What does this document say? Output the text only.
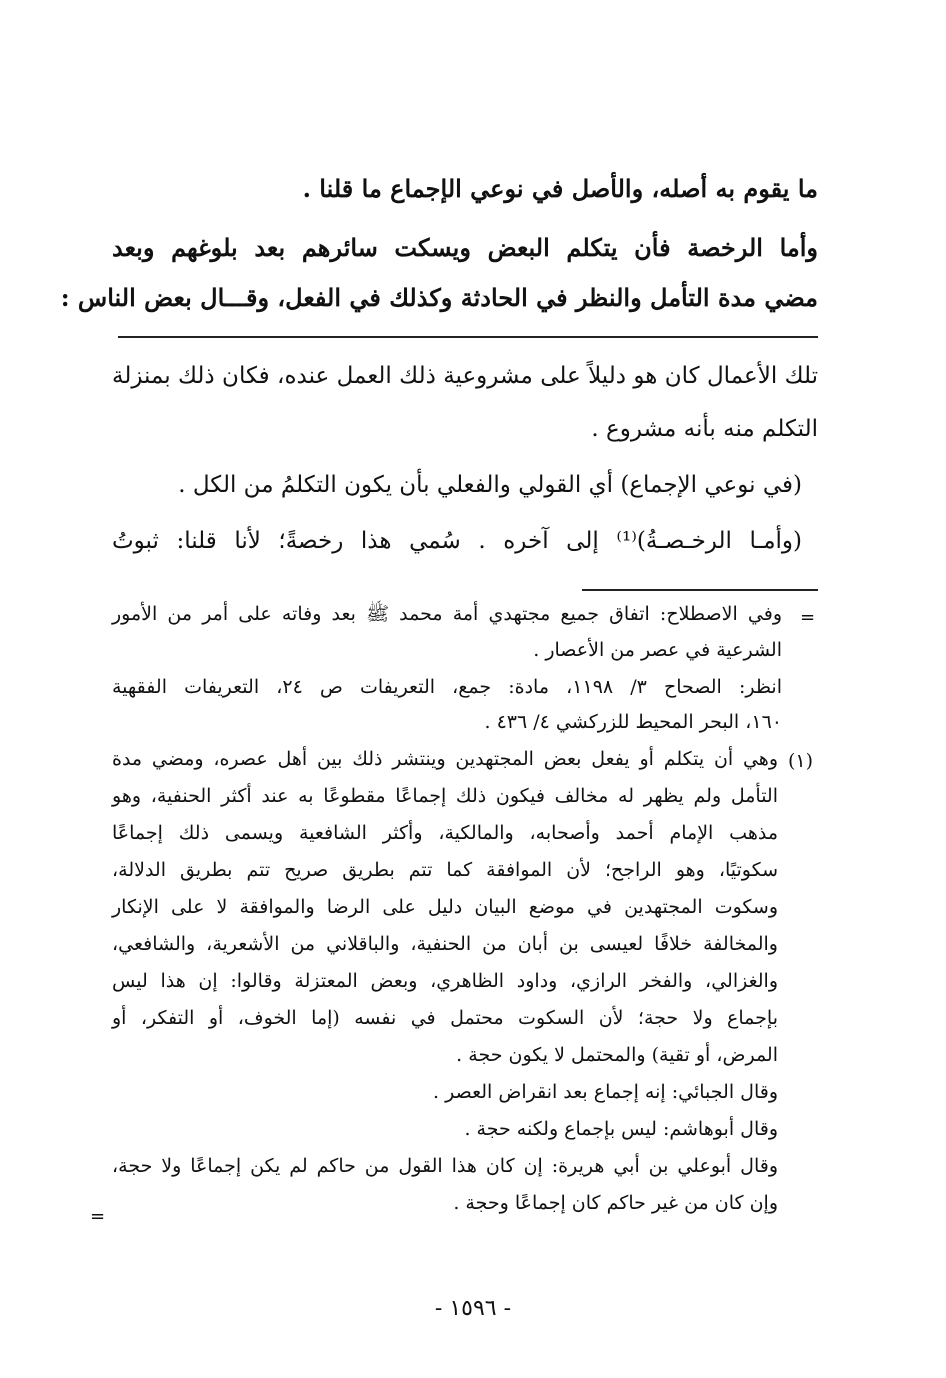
ما يقوم به أصله، والأصل في نوعي الإجماع ما قلنا .
وأما الرخصة فأن يتكلم البعض ويسكت سائرهم بعد بلوغهم وبعد
مضي مدة التأمل والنظر في الحادثة وكذلك في الفعل، وقـــال بعض الناس :
تلك الأعمال كان هو دليلاً على مشروعية ذلك العمل عنده، فكان ذلك بمنزلة
التكلم منه بأنه مشروع .
(في نوعي الإجماع) أي القولي والفعلي بأن يكون التكلمُ من الكل .
(وأمـا الرخـصـةُ)⁽¹⁾ إلى آخره . سُمي هذا رخصةً؛ لأنا قلنا: ثبوتُ
=
وفي الاصطلاح: اتفاق جميع مجتهدي أمة محمد ﷺ بعد وفاته على أمر من الأمور
الشرعية في عصر من الأعصار .
انظر: الصحاح ٣/ ١١٩٨، مادة: جمع، التعريفات ص ٢٤، التعريفات الفقهية
١٦٠، البحر المحيط للزركشي ٤/ ٤٣٦ .
(١)
وهي أن يتكلم أو يفعل بعض المجتهدين وينتشر ذلك بين أهل عصره، ومضي مدة
التأمل ولم يظهر له مخالف فيكون ذلك إجماعًا مقطوعًا به عند أكثر الحنفية، وهو
مذهب الإمام أحمد وأصحابه، والمالكية، وأكثر الشافعية ويسمى ذلك إجماعًا
سكوتيًا، وهو الراجح؛ لأن الموافقة كما تتم بطريق صريح تتم بطريق الدلالة،
وسكوت المجتهدين في موضع البيان دليل على الرضا والموافقة لا على الإنكار
والمخالفة خلافًا لعيسى بن أبان من الحنفية، والباقلاني من الأشعرية، والشافعي،
والغزالي، والفخر الرازي، وداود الظاهري، وبعض المعتزلة وقالوا: إن هذا ليس
بإجماع ولا حجة؛ لأن السكوت محتمل في نفسه (إما الخوف، أو التفكر، أو
المرض، أو تقية) والمحتمل لا يكون حجة .
وقال الجبائي: إنه إجماع بعد انقراض العصر .
وقال أبوهاشم: ليس بإجماع ولكنه حجة .
وقال أبوعلي بن أبي هريرة: إن كان هذا القول من حاكم لم يكن إجماعًا ولا حجة،
وإن كان من غير حاكم كان إجماعًا وحجة .
=
- ١٥٩٦ -
